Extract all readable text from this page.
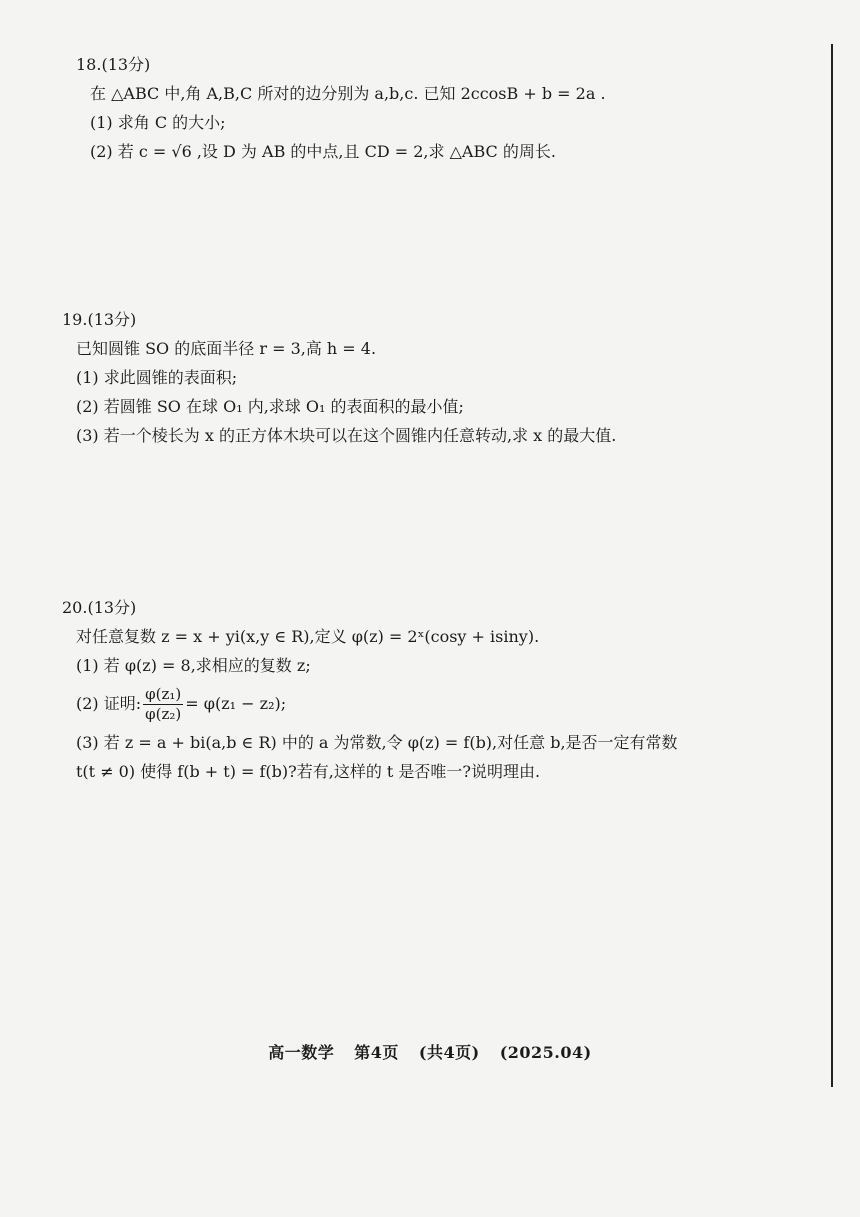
18.(13分)
在 △ABC 中,角 A,B,C 所对的边分别为 a,b,c. 已知 2ccosB + b = 2a .
(1) 求角 C 的大小;
(2) 若 c = √6 ,设 D 为 AB 的中点,且 CD = 2,求 △ABC 的周长.
19.(13分)
已知圆锥 SO 的底面半径 r = 3,高 h = 4.
(1) 求此圆锥的表面积;
(2) 若圆锥 SO 在球 O₁ 内,求球 O₁ 的表面积的最小值;
(3) 若一个棱长为 x 的正方体木块可以在这个圆锥内任意转动,求 x 的最大值.
20.(13分)
对任意复数 z = x + yi(x,y ∈ R),定义 φ(z) = 2ˣ(cosy + isiny).
(1) 若 φ(z) = 8,求相应的复数 z;
(2) 证明: $\frac{\text{φ(z₁)}}{\text{φ(z₂)}} = \varphi(z_1 - z_2)$;
(3) 若 z = a + bi(a,b ∈ R) 中的 a 为常数,令 φ(z) = f(b),对任意 b,是否一定有常数
t(t ≠ 0) 使得 f(b + t) = f(b)?若有,这样的 t 是否唯一?说明理由.
高一数学 第4页 (共4页) (2025.04)
